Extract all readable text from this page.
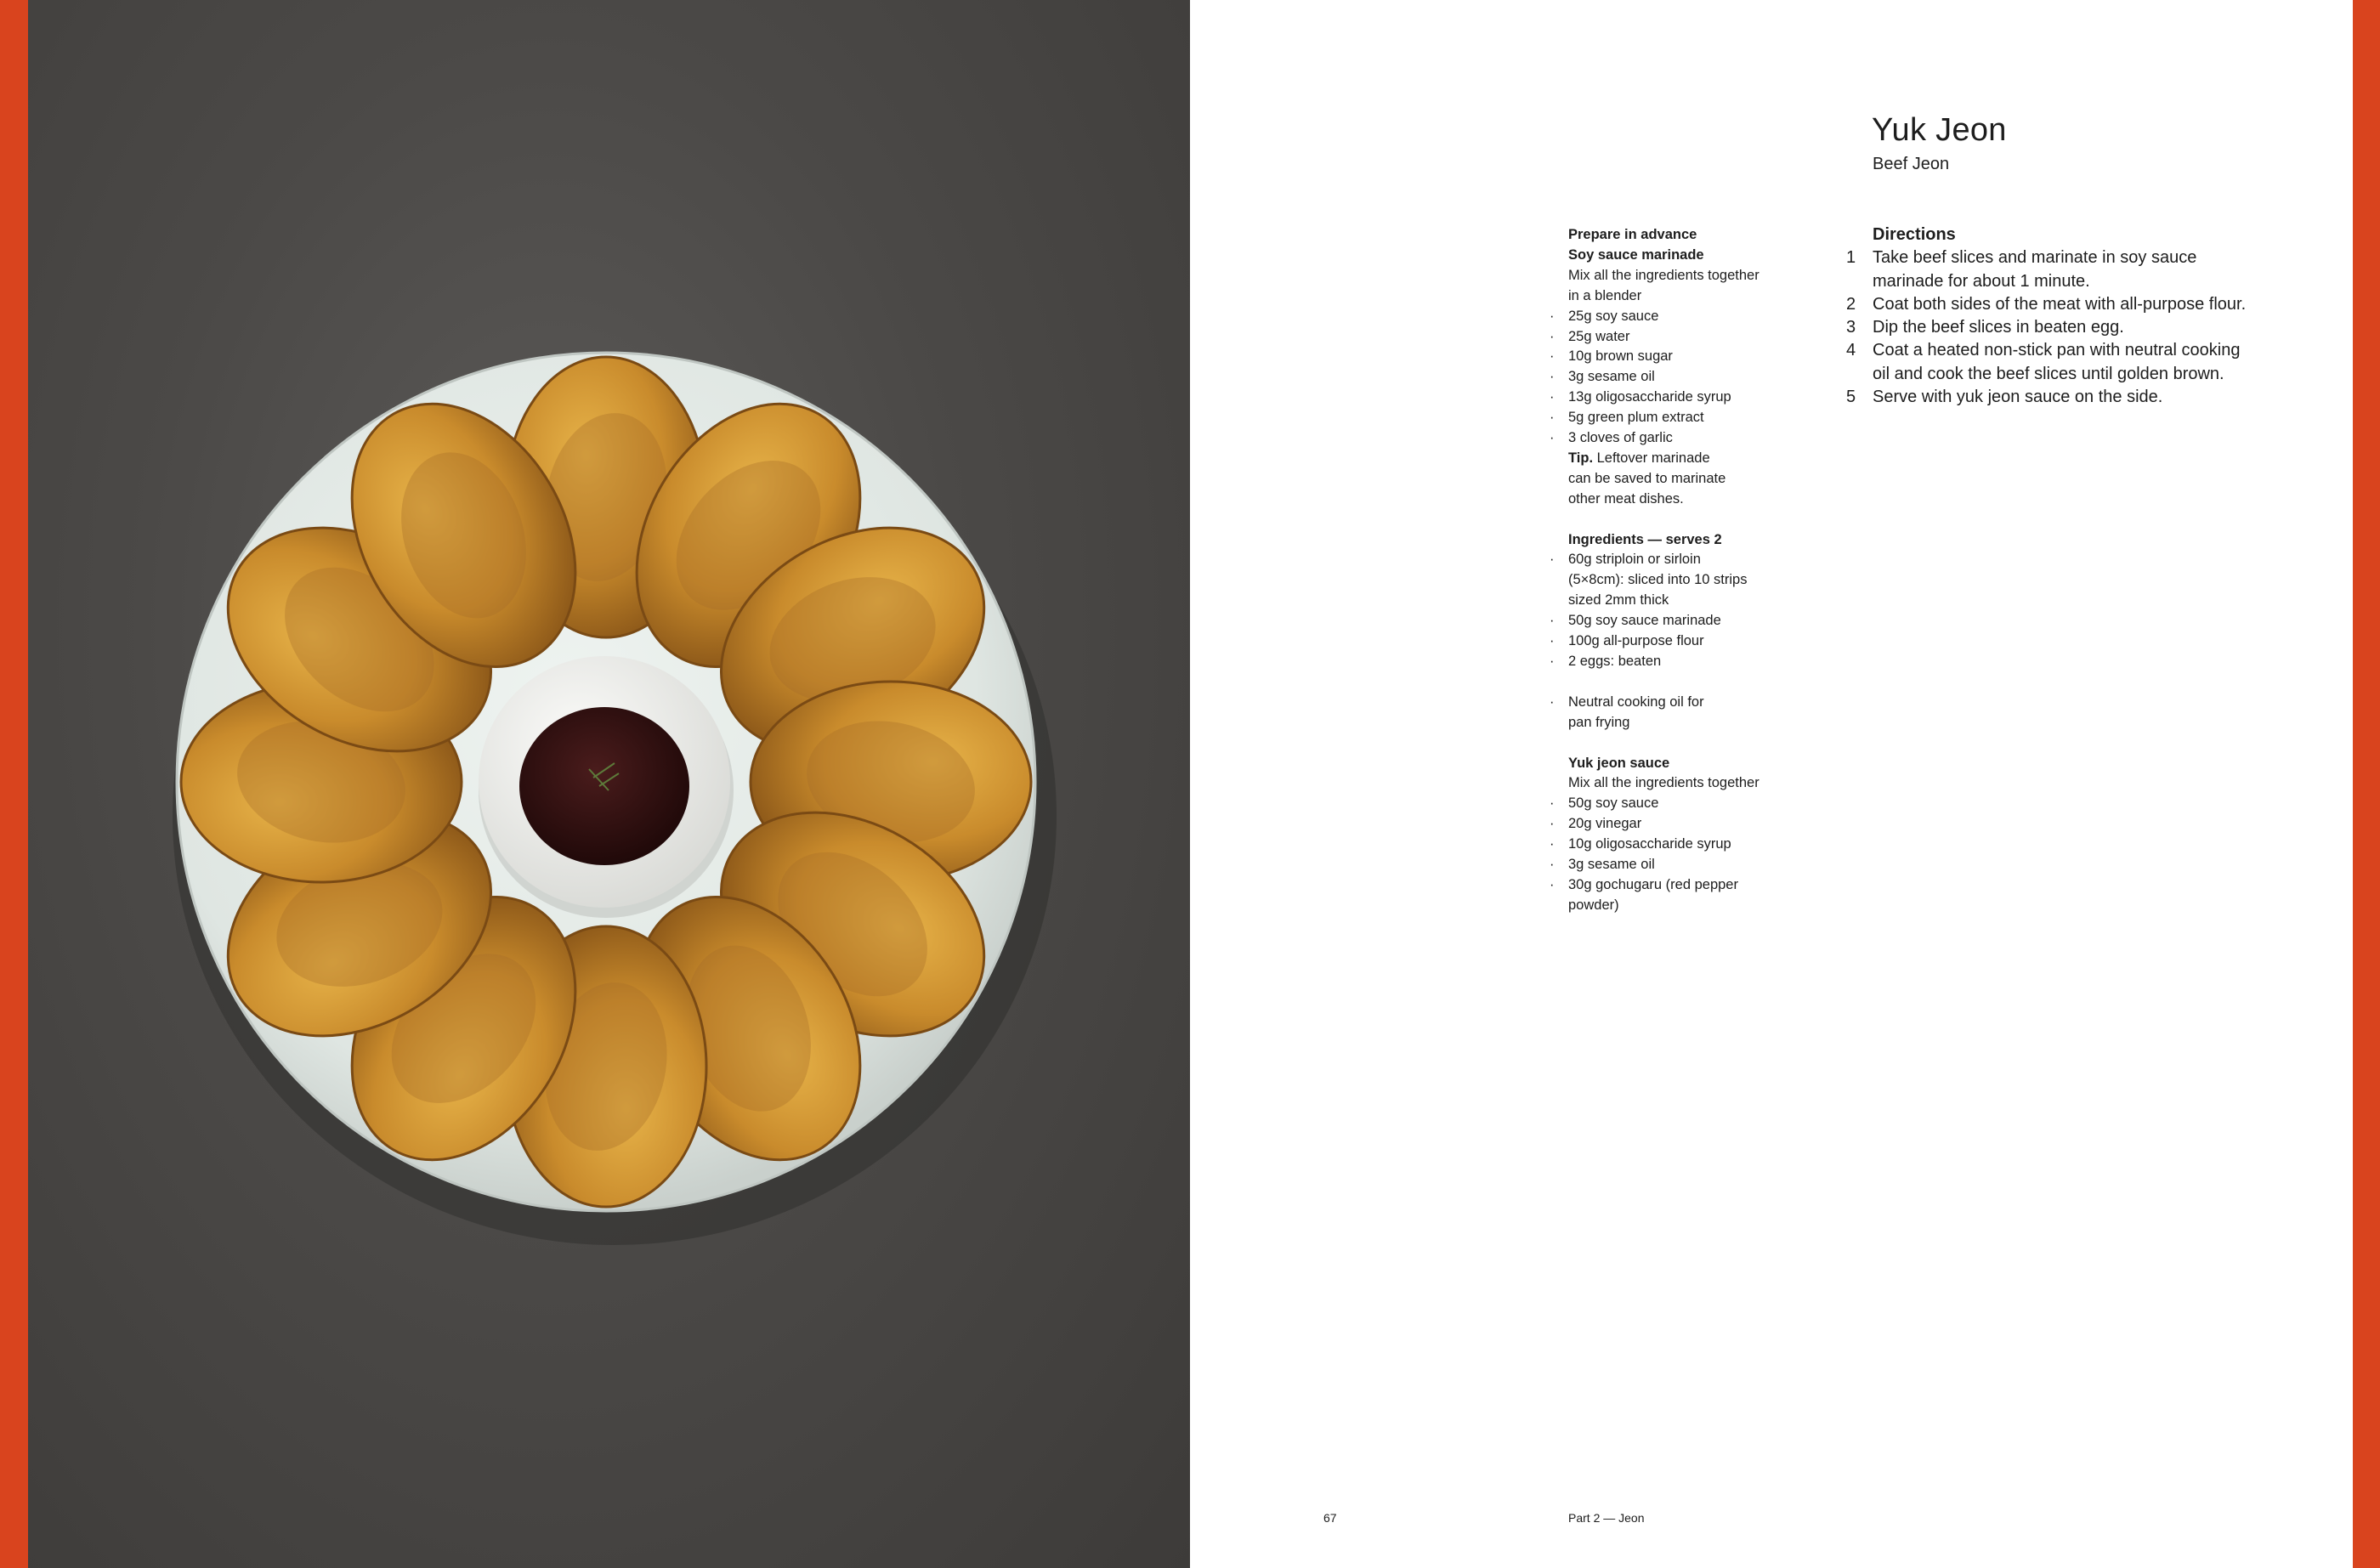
Yuk Jeon
Beef Jeon
Prepare in advance
Soy sauce marinade
Mix all the ingredients together
in a blender
· 25g soy sauce
· 25g water
· 10g brown sugar
· 3g sesame oil
· 13g oligosaccharide syrup
· 5g green plum extract
· 3 cloves of garlic
Tip. Leftover marinade
can be saved to marinate
other meat dishes.
Ingredients — serves 2
· 60g striploin or sirloin
(5×8cm): sliced into 10 strips
sized 2mm thick
· 50g soy sauce marinade
· 100g all-purpose flour
· 2 eggs: beaten
· Neutral cooking oil for
pan frying
Yuk jeon sauce
Mix all the ingredients together
· 50g soy sauce
· 20g vinegar
· 10g oligosaccharide syrup
· 3g sesame oil
· 30g gochugaru (red pepper
powder)
Directions
1 Take beef slices and marinate in soy sauce
marinade for about 1 minute.
2 Coat both sides of the meat with all-purpose flour.
3 Dip the beef slices in beaten egg.
4 Coat a heated non-stick pan with neutral cooking
oil and cook the beef slices until golden brown.
5 Serve with yuk jeon sauce on the side.
67	Part 2 — Jeon
